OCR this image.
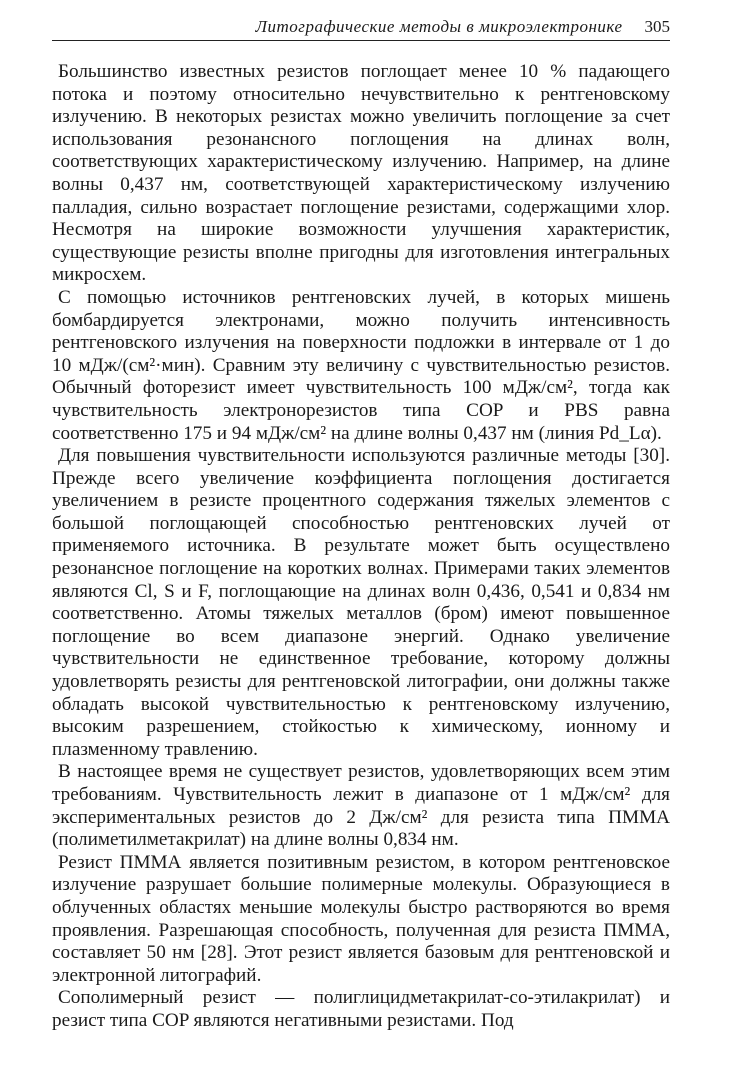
Литографические методы в микроэлектронике 305

Большинство известных резистов поглощает менее 10 % падающего потока и поэтому относительно нечувствительно к рентгеновскому излучению. В некоторых резистах можно увеличить поглощение за счет использования резонансного поглощения на длинах волн, соответствующих характеристическому излучению. Например, на длине волны 0,437 нм, соответствующей характеристическому излучению палладия, сильно возрастает поглощение резистами, содержащими хлор. Несмотря на широкие возможности улучшения характеристик, существующие резисты вполне пригодны для изготовления интегральных микросхем.

С помощью источников рентгеновских лучей, в которых мишень бомбардируется электронами, можно получить интенсивность рентгеновского излучения на поверхности подложки в интервале от 1 до 10 мДж/(см²·мин). Сравним эту величину с чувствительностью резистов. Обычный фоторезист имеет чувствительность 100 мДж/см², тогда как чувствительность электронорезистов типа COP и PBS равна соответственно 175 и 94 мДж/см² на длине волны 0,437 нм (линия Pd_Lα).

Для повышения чувствительности используются различные методы [30]. Прежде всего увеличение коэффициента поглощения достигается увеличением в резисте процентного содержания тяжелых элементов с большой поглощающей способностью рентгеновских лучей от применяемого источника. В результате может быть осуществлено резонансное поглощение на коротких волнах. Примерами таких элементов являются Cl, S и F, поглощающие на длинах волн 0,436, 0,541 и 0,834 нм соответственно. Атомы тяжелых металлов (бром) имеют повышенное поглощение во всем диапазоне энергий. Однако увеличение чувствительности не единственное требование, которому должны удовлетворять резисты для рентгеновской литографии, они должны также обладать высокой чувствительностью к рентгеновскому излучению, высоким разрешением, стойкостью к химическому, ионному и плазменному травлению.

В настоящее время не существует резистов, удовлетворяющих всем этим требованиям. Чувствительность лежит в диапазоне от 1 мДж/см² для экспериментальных резистов до 2 Дж/см² для резиста типа ПММА (полиметилметакрилат) на длине волны 0,834 нм.

Резист ПММА является позитивным резистом, в котором рентгеновское излучение разрушает большие полимерные молекулы. Образующиеся в облученных областях меньшие молекулы быстро растворяются во время проявления. Разрешающая способность, полученная для резиста ПММА, составляет 50 нм [28]. Этот резист является базовым для рентгеновской и электронной литографий.

Сополимерный резист — полиглицидметакрилат-со-этилакрилат) и резист типа COP являются негативными резистами. Под
